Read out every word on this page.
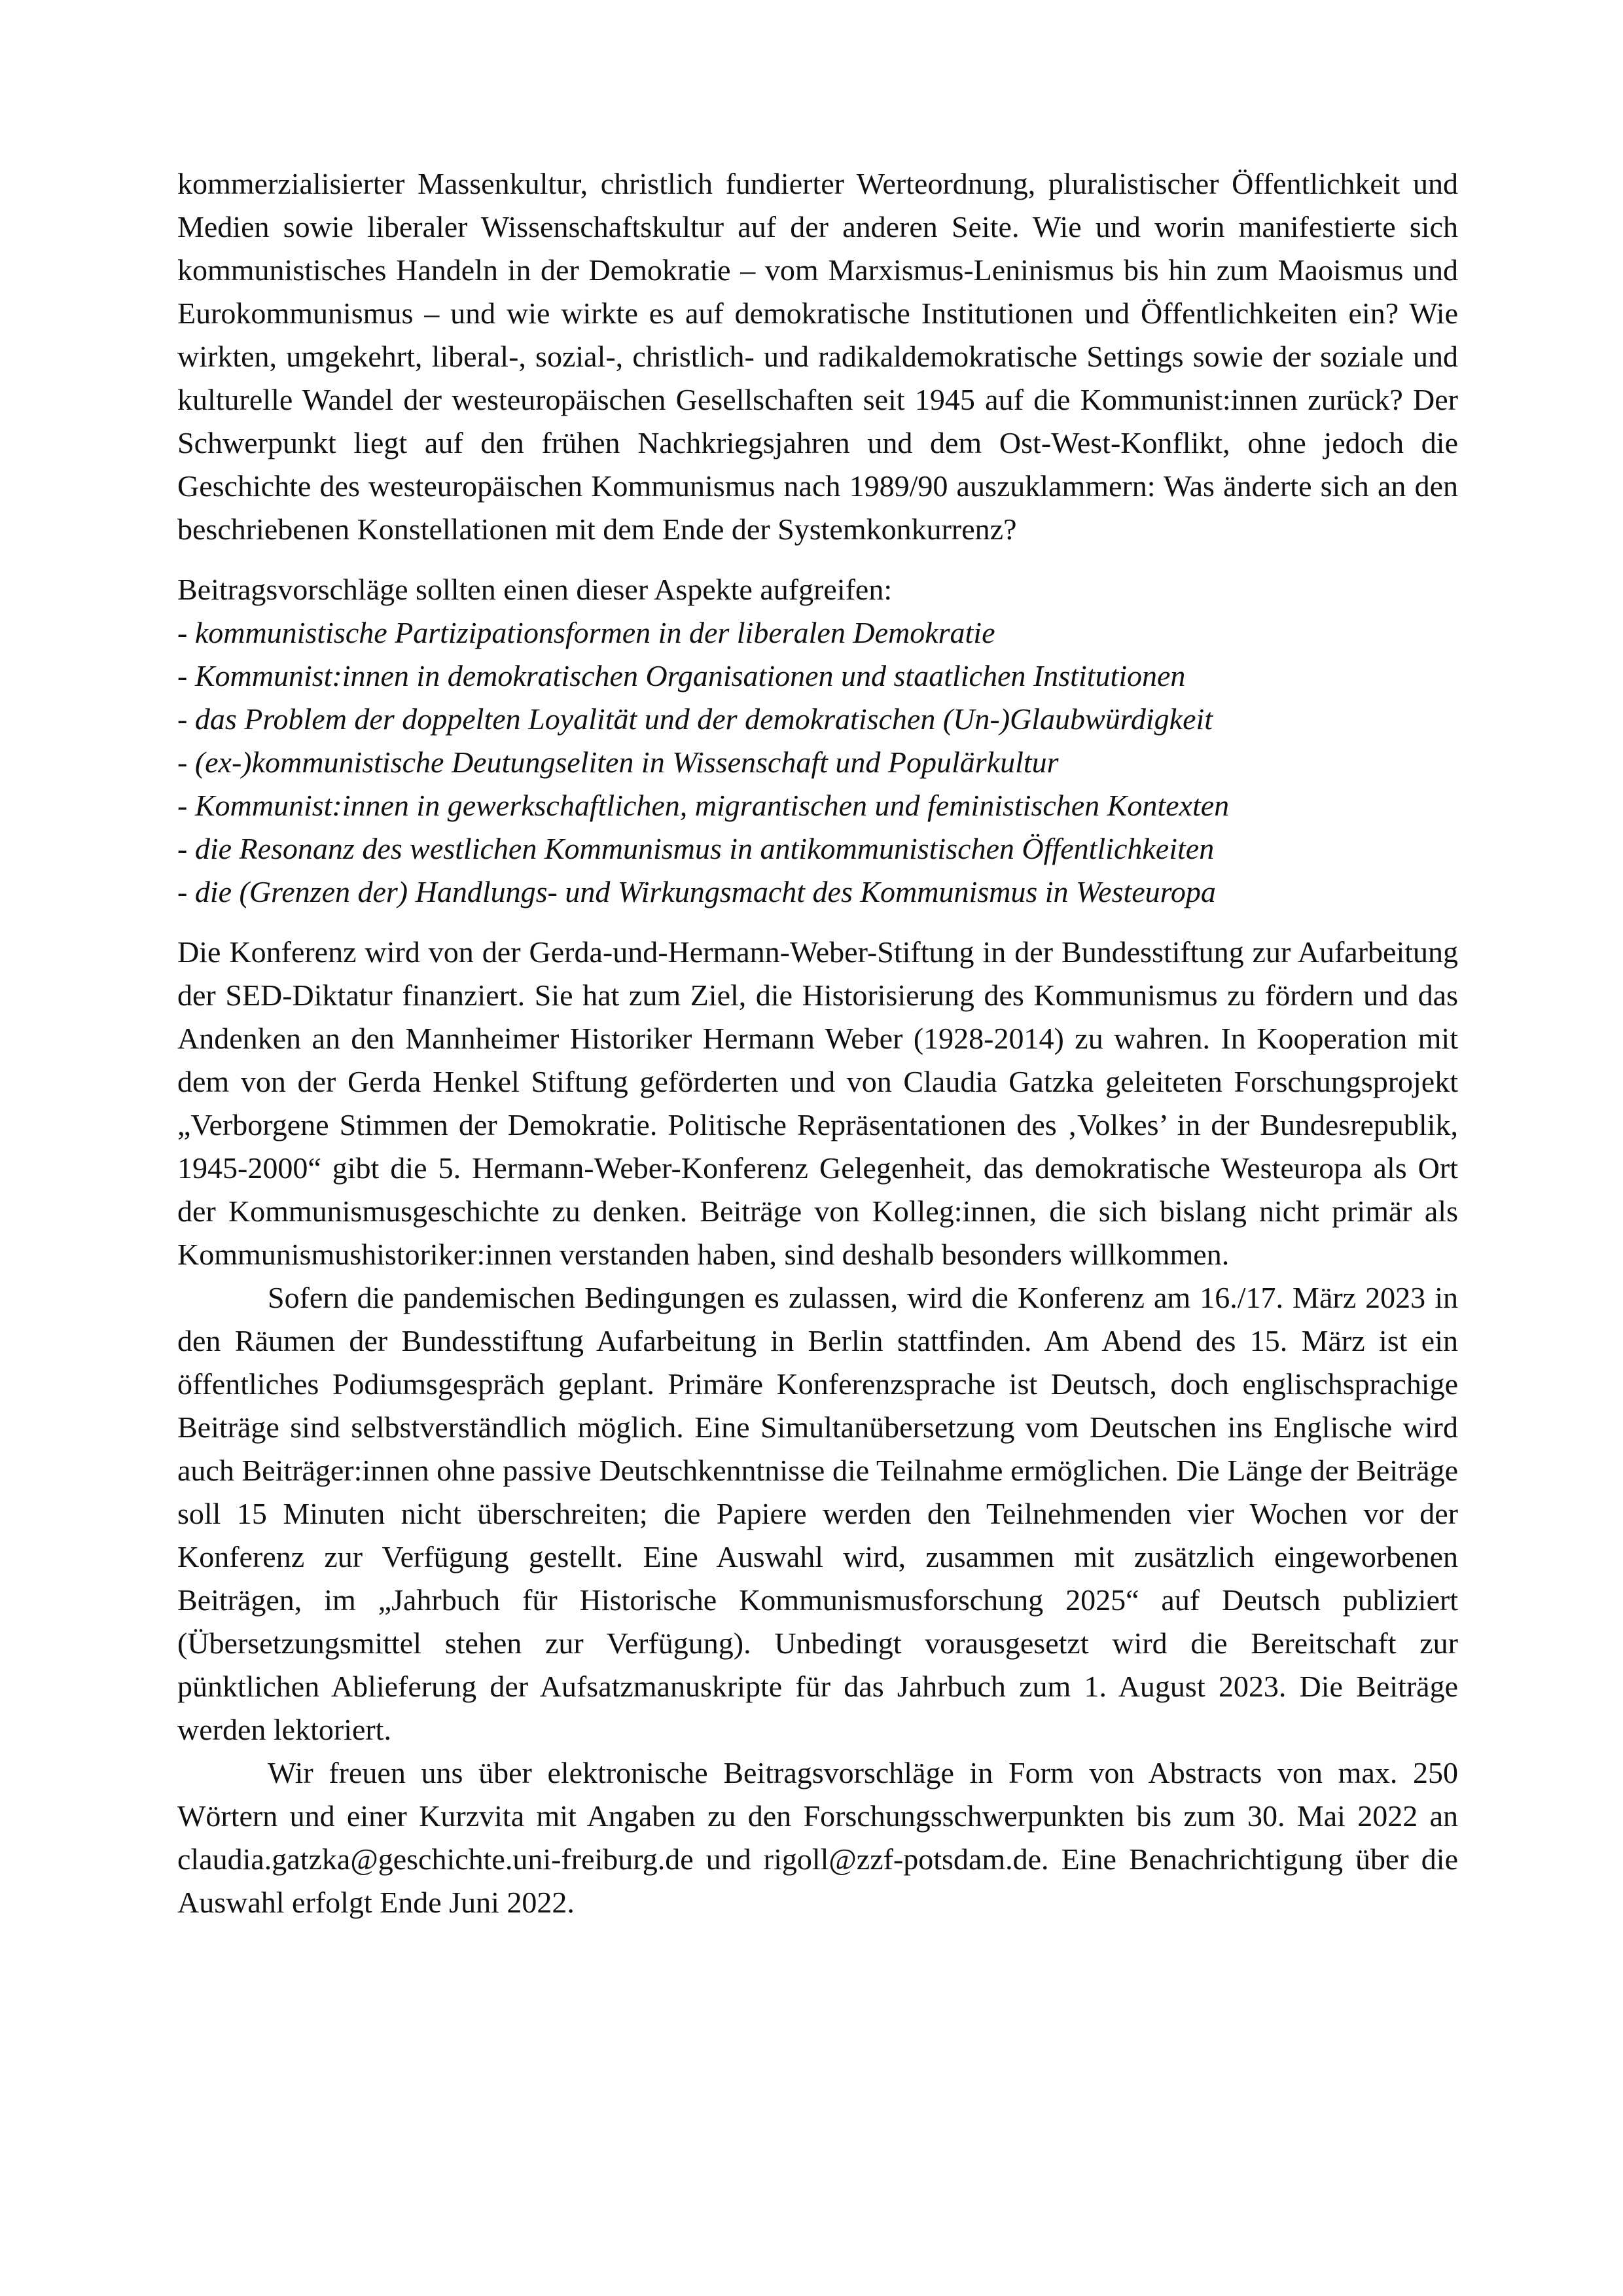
kommerzialisierter Massenkultur, christlich fundierter Werteordnung, pluralistischer Öffentlichkeit und Medien sowie liberaler Wissenschaftskultur auf der anderen Seite. Wie und worin manifestierte sich kommunistisches Handeln in der Demokratie – vom Marxismus-Leninismus bis hin zum Maoismus und Eurokommunismus – und wie wirkte es auf demokratische Institutionen und Öffentlichkeiten ein? Wie wirkten, umgekehrt, liberal-, sozial-, christlich- und radikaldemokratische Settings sowie der soziale und kulturelle Wandel der westeuropäischen Gesellschaften seit 1945 auf die Kommunist:innen zurück? Der Schwerpunkt liegt auf den frühen Nachkriegsjahren und dem Ost-West-Konflikt, ohne jedoch die Geschichte des westeuropäischen Kommunismus nach 1989/90 auszuklammern: Was änderte sich an den beschriebenen Konstellationen mit dem Ende der Systemkonkurrenz?

Beitragsvorschläge sollten einen dieser Aspekte aufgreifen:

- kommunistische Partizipationsformen in der liberalen Demokratie
- Kommunist:innen in demokratischen Organisationen und staatlichen Institutionen
- das Problem der doppelten Loyalität und der demokratischen (Un-)Glaubwürdigkeit
- (ex-)kommunistische Deutungseliten in Wissenschaft und Populärkultur
- Kommunist:innen in gewerkschaftlichen, migrantischen und feministischen Kontexten
- die Resonanz des westlichen Kommunismus in antikommunistischen Öffentlichkeiten
- die (Grenzen der) Handlungs- und Wirkungsmacht des Kommunismus in Westeuropa

Die Konferenz wird von der Gerda-und-Hermann-Weber-Stiftung in der Bundesstiftung zur Aufarbeitung der SED-Diktatur finanziert. Sie hat zum Ziel, die Historisierung des Kommunismus zu fördern und das Andenken an den Mannheimer Historiker Hermann Weber (1928-2014) zu wahren. In Kooperation mit dem von der Gerda Henkel Stiftung geförderten und von Claudia Gatzka geleiteten Forschungsprojekt „Verborgene Stimmen der Demokratie. Politische Repräsentationen des ‚Volkes’ in der Bundesrepublik, 1945-2000“ gibt die 5. Hermann-Weber-Konferenz Gelegenheit, das demokratische Westeuropa als Ort der Kommunismusgeschichte zu denken. Beiträge von Kolleg:innen, die sich bislang nicht primär als Kommunismushistoriker:innen verstanden haben, sind deshalb besonders willkommen.

Sofern die pandemischen Bedingungen es zulassen, wird die Konferenz am 16./17. März 2023 in den Räumen der Bundesstiftung Aufarbeitung in Berlin stattfinden. Am Abend des 15. März ist ein öffentliches Podiumsgespräch geplant. Primäre Konferenzsprache ist Deutsch, doch englischsprachige Beiträge sind selbstverständlich möglich. Eine Simultanübersetzung vom Deutschen ins Englische wird auch Beiträger:innen ohne passive Deutschkenntnisse die Teilnahme ermöglichen. Die Länge der Beiträge soll 15 Minuten nicht überschreiten; die Papiere werden den Teilnehmenden vier Wochen vor der Konferenz zur Verfügung gestellt. Eine Auswahl wird, zusammen mit zusätzlich eingeworbenen Beiträgen, im „Jahrbuch für Historische Kommunismusforschung 2025“ auf Deutsch publiziert (Übersetzungsmittel stehen zur Verfügung). Unbedingt vorausgesetzt wird die Bereitschaft zur pünktlichen Ablieferung der Aufsatzmanuskripte für das Jahrbuch zum 1. August 2023. Die Beiträge werden lektoriert.

Wir freuen uns über elektronische Beitragsvorschläge in Form von Abstracts von max. 250 Wörtern und einer Kurzvita mit Angaben zu den Forschungsschwerpunkten bis zum 30. Mai 2022 an claudia.gatzka@geschichte.uni-freiburg.de und rigoll@zzf-potsdam.de. Eine Benachrichtigung über die Auswahl erfolgt Ende Juni 2022.
